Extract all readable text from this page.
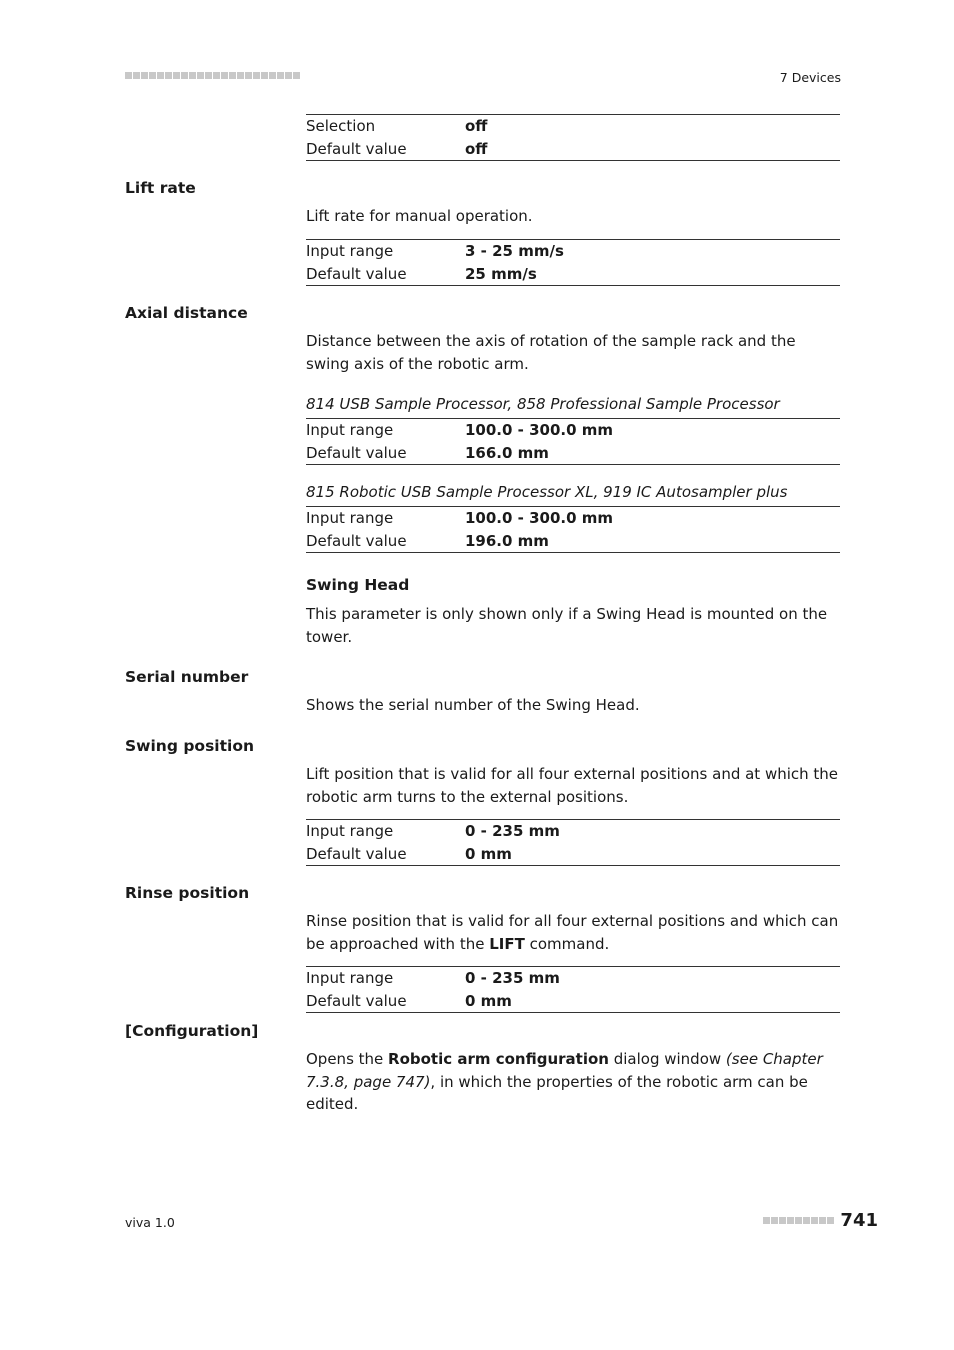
7 Devices
Selection	off
Default value	off
Lift rate
Lift rate for manual operation.
Input range	3 - 25 mm/s
Default value	25 mm/s
Axial distance
Distance between the axis of rotation of the sample rack and the swing axis of the robotic arm.
814 USB Sample Processor, 858 Professional Sample Processor
Input range	100.0 - 300.0 mm
Default value	166.0 mm
815 Robotic USB Sample Processor XL, 919 IC Autosampler plus
Input range	100.0 - 300.0 mm
Default value	196.0 mm
Swing Head
This parameter is only shown only if a Swing Head is mounted on the tower.
Serial number
Shows the serial number of the Swing Head.
Swing position
Lift position that is valid for all four external positions and at which the robotic arm turns to the external positions.
Input range	0 - 235 mm
Default value	0 mm
Rinse position
Rinse position that is valid for all four external positions and which can be approached with the LIFT command.
Input range	0 - 235 mm
Default value	0 mm
[Configuration]
Opens the Robotic arm configuration dialog window (see Chapter 7.3.8, page 747), in which the properties of the robotic arm can be edited.
viva 1.0	741
